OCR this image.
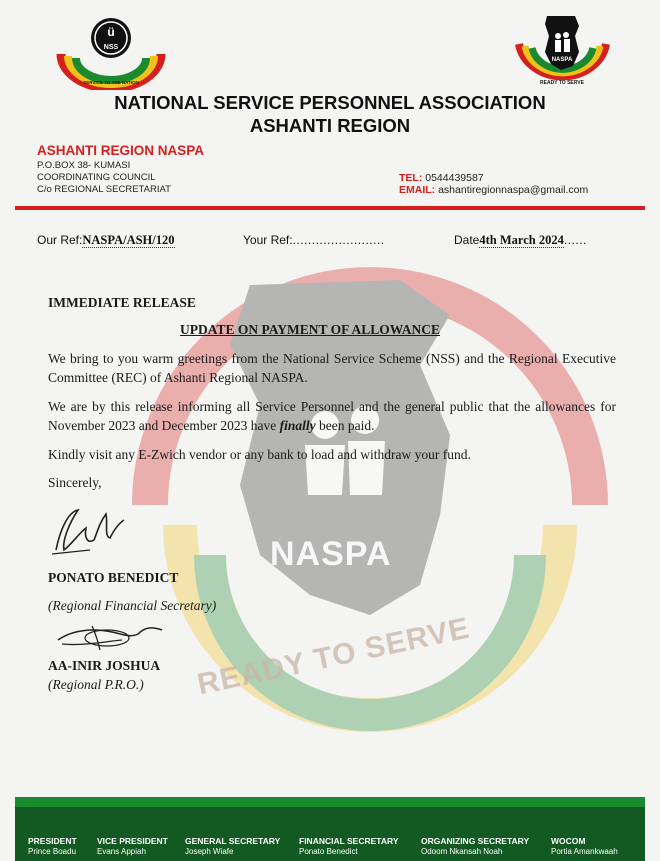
NASPA
READY TO SERVE
ü
NSS
SERVICE TO THE NATION
NASPA
READY TO SERVE
NATIONAL SERVICE PERSONNEL ASSOCIATION
ASHANTI REGION
ASHANTI REGION NASPA
P.O.BOX 38- KUMASI
COORDINATING COUNCIL
C/o REGIONAL SECRETARIAT
TEL: 0544439587
EMAIL: ashantiregionnaspa@gmail.com
Our Ref:NASPA/ASH/120	Your Ref:........................	Date4th March 2024......
IMMEDIATE RELEASE
UPDATE ON PAYMENT OF ALLOWANCE
We bring to you warm greetings from the National Service Scheme (NSS) and the Regional Executive Committee (REC) of Ashanti Regional NASPA.
We are by this release informing all Service Personnel and the general public that the allowances for November 2023 and December 2023 have finally been paid.
Kindly visit any E-Zwich vendor or any bank to load and withdraw your fund.
Sincerely,
PONATO BENEDICT
(Regional Financial Secretary)
AA-INIR JOSHUA
(Regional P.R.O.)
PRESIDENT
Prince Boadu
VICE PRESIDENT
Evans Appiah
GENERAL SECRETARY
Joseph Wiafe
FINANCIAL SECRETARY
Ponato Benedict
ORGANIZING SECRETARY
Odoom Nkansah Noah
WOCOM
Portia Amankwaah
